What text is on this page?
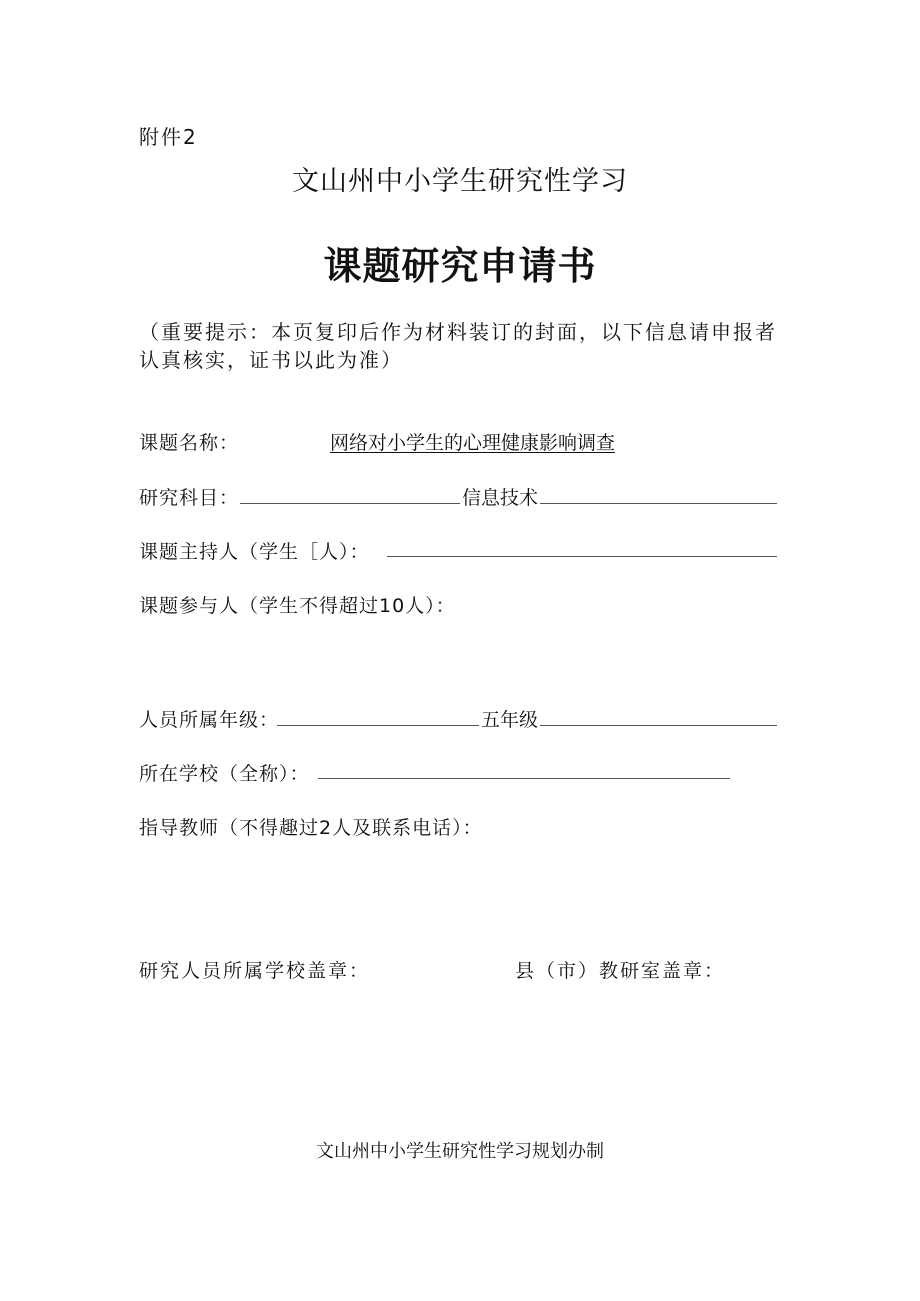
附件2
文山州中小学生研究性学习
课题研究申请书
（重要提示：本页复印后作为材料装订的封面，以下信息请申报者认真核实，证书以此为准）
课题名称：	网络对小学生的心理健康影响调查
研究科目：	信息技术
课题主持人（学生［人）：
课题参与人（学生不得超过10人）：
人员所属年级：	五年级
所在学校（全称）：
指导教师（不得趣过2人及联系电话）：
研究人员所属学校盖章：	县（市）教研室盖章：
文山州中小学生研究性学习规划办制
